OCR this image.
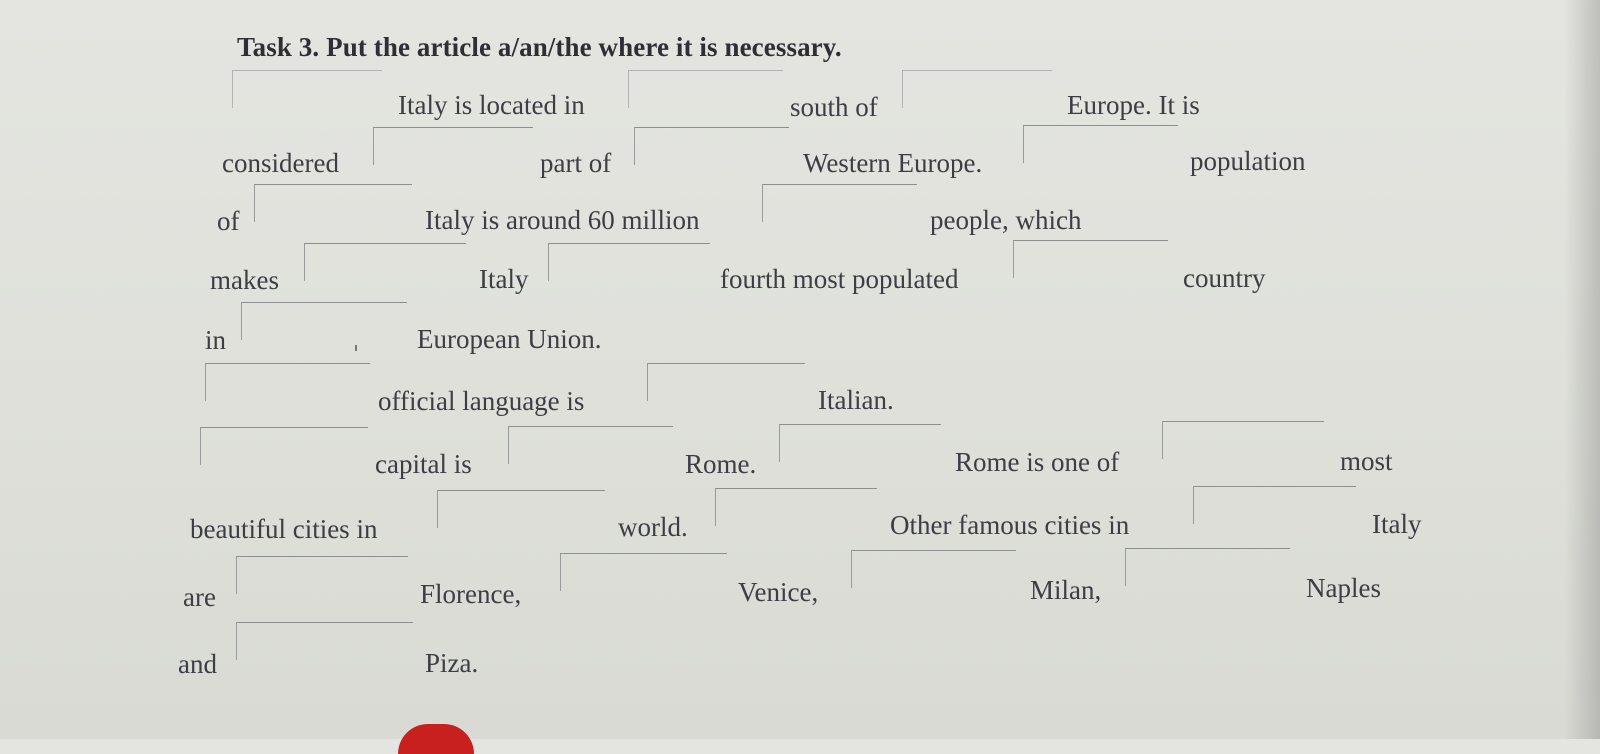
Task 3. Put the article a/an/the where it is necessary.
Italy is located in	south of	Europe. It is
considered	part of	Western Europe.	population
of	Italy is around 60 million	people, which
makes	Italy	fourth most populated	country
in	European Union.
official language is	Italian.
capital is	Rome.	Rome is one of	most
beautiful cities in	world.	Other famous cities in	Italy
are	Florence,	Venice,	Milan,	Naples
and	Piza.
